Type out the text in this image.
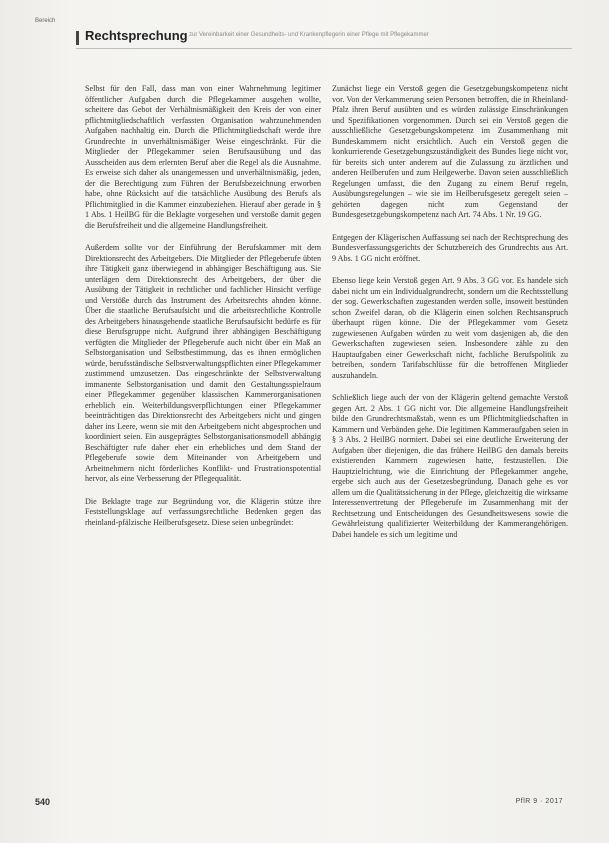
Bereich
Rechtsprechung zur Vereinbarkeit einer Gesundheits- und Krankenpflegerin einer Pflege mit Pflegekammer

Selbst für den Fall, dass man von einer Wahrnehmung legitimer öffentlicher Aufgaben durch die Pflegekammer ausgehen wollte, scheitere das Gebot der Verhältnismäßigkeit den Kreis der von einer pflichtmitgliedschaftlich verfassten Organisation wahrzunehmenden Aufgaben nachhaltig ein. Durch die Pflichtmitgliedschaft werde ihre Grundrechte in unverhältnismäßiger Weise eingeschränkt. Für die Mitglieder der Pflegekammer seien Berufsausübung und das Ausscheiden aus dem erlernten Beruf aber die Regel als die Ausnahme. Es erweise sich daher als unangemessen und unverhältnismäßig, jeden, der die Berechtigung zum Führen der Berufsbezeichnung erworben habe, ohne Rücksicht auf die tatsächliche Ausübung des Berufs als Pflichtmitglied in die Kammer einzubeziehen. Hierauf aber gerade in § 1 Abs. 1 HeilBG für die Beklagte vorgesehen und verstoße damit gegen die Berufsfreiheit und die allgemeine Handlungsfreiheit.

Außerdem sollte vor der Einführung der Berufskammer mit dem Direktionsrecht des Arbeitgebers. Die Mitglieder der Pflegeberufe übten ihre Tätigkeit ganz überwiegend in abhängiger Beschäftigung aus. Sie unterlägen dem Direktionsrecht des Arbeitgebers, der über die Ausübung der Tätigkeit in rechtlicher und fachlicher Hinsicht verfüge und Verstöße durch das Instrument des Arbeitsrechts ahnden könne. Über die staatliche Berufsaufsicht und die arbeitsrechtliche Kontrolle des Arbeitgebers hinausgehende staatliche Berufsaufsicht bedürfe es für diese Berufsgruppe nicht. Aufgrund ihrer abhängigen Beschäftigung verfügten die Mitglieder der Pflegeberufe auch nicht über ein Maß an Selbstorganisation und Selbstbestimmung, das es ihnen ermöglichen würde, berufsständische Selbstverwaltungspflichten einer Pflegekammer zustimmend umzusetzen. Das eingeschränkte der Selbstverwaltung immanente Selbstorganisation und damit den Gestaltungsspielraum einer Pflegekammer gegenüber klassischen Kammerorganisationen erheblich ein. Weiterbildungsverpflichtungen einer Pflegekammer beeinträchtigen das Direktionsrecht des Arbeitgebers nicht und gingen daher ins Leere, wenn sie mit den Arbeitgebern nicht abgesprochen und koordiniert seien. Ein ausgeprägtes Selbstorganisationsmodell abhängig Beschäftigter rufe daher eher ein erhebliches und dem Stand der Pflegeberufe sowie dem Miteinander von Arbeitgebern und Arbeitnehmern nicht förderliches Konflikt- und Frustrationspotential hervor, als eine Verbesserung der Pflegequalität.

Die Beklagte trage zur Begründung vor, die Klägerin stütze ihre Feststellungsklage auf verfassungsrechtliche Bedenken gegen das rheinland-pfälzische Heilberufsgesetz. Diese seien unbegründet:

Zunächst liege ein Verstoß gegen die Gesetzgebungskompetenz nicht vor. Von der Verkammerung seien Personen betroffen, die in Rheinland-Pfalz ihren Beruf ausübten und es würden zulässige Einschränkungen und Spezifikationen vorgenommen. Durch sei ein Verstoß gegen die ausschließliche Gesetzgebungskompetenz im Zusammenhang mit Bundeskammern nicht ersichtlich. Auch ein Verstoß gegen die konkurrierende Gesetzgebungszuständigkeit des Bundes liege nicht vor, für bereits sich unter anderem auf die Zulassung zu ärztlichen und anderen Heilberufen und zum Heilgewerbe. Davon seien ausschließlich Regelungen umfasst, die den Zugang zu einem Beruf regeln, Ausübungsregelungen – wie sie im Heilberufsgesetz geregelt seien – gehörten dagegen nicht zum Gegenstand der Bundesgesetzgebungskompetenz nach Art. 74 Abs. 1 Nr. 19 GG.

Entgegen der Klägerischen Auffassung sei nach der Rechtsprechung des Bundesverfassungsgerichts der Schutzbereich des Grundrechts aus Art. 9 Abs. 1 GG nicht eröffnet.

Ebenso liege kein Verstoß gegen Art. 9 Abs. 3 GG vor. Es handele sich dabei nicht um ein Individualgrundrecht, sondern um die Rechtsstellung der sog. Gewerkschaften zugestanden werden solle, insoweit bestünden schon Zweifel daran, ob die Klägerin einen solchen Rechtsanspruch überhaupt rügen könne. Die der Pflegekammer vom Gesetz zugewiesenen Aufgaben würden zu weit vom dasjenigen ab, die den Gewerkschaften zugewiesen seien. Insbesondere zähle zu den Hauptaufgaben einer Gewerkschaft nicht, fachliche Berufspolitik zu betreiben, sondern Tarifabschlüsse für die betroffenen Mitglieder auszuhandeln.

Schließlich liege auch der von der Klägerin geltend gemachte Verstoß gegen Art. 2 Abs. 1 GG nicht vor. Die allgemeine Handlungsfreiheit bilde den Grundrechtsmaßstab, wenn es um Pflichtmitgliedschaften in Kammern und Verbänden gehe. Die legitimen Kammeraufgaben seien in § 3 Abs. 2 HeilBG normiert. Dabei sei eine deutliche Erweiterung der Aufgaben über diejenigen, die das frühere HeilBG den damals bereits existierenden Kammern zugewiesen hatte, festzustellen. Die Hauptzielrichtung, wie die Einrichtung der Pflegekammer angehe, ergebe sich auch aus der Gesetzesbegründung. Danach gehe es vor allem um die Qualitätssicherung in der Pflege, gleichzeitig die wirksame Interessenvertretung der Pflegeberufe im Zusammenhang mit der Rechtsetzung und Entscheidungen des Gesundheitswesens sowie die Gewährleistung qualifizierter Weiterbildung der Kammerangehörigen. Dabei handele es sich um legitime und

540	PflR 9 · 2017
